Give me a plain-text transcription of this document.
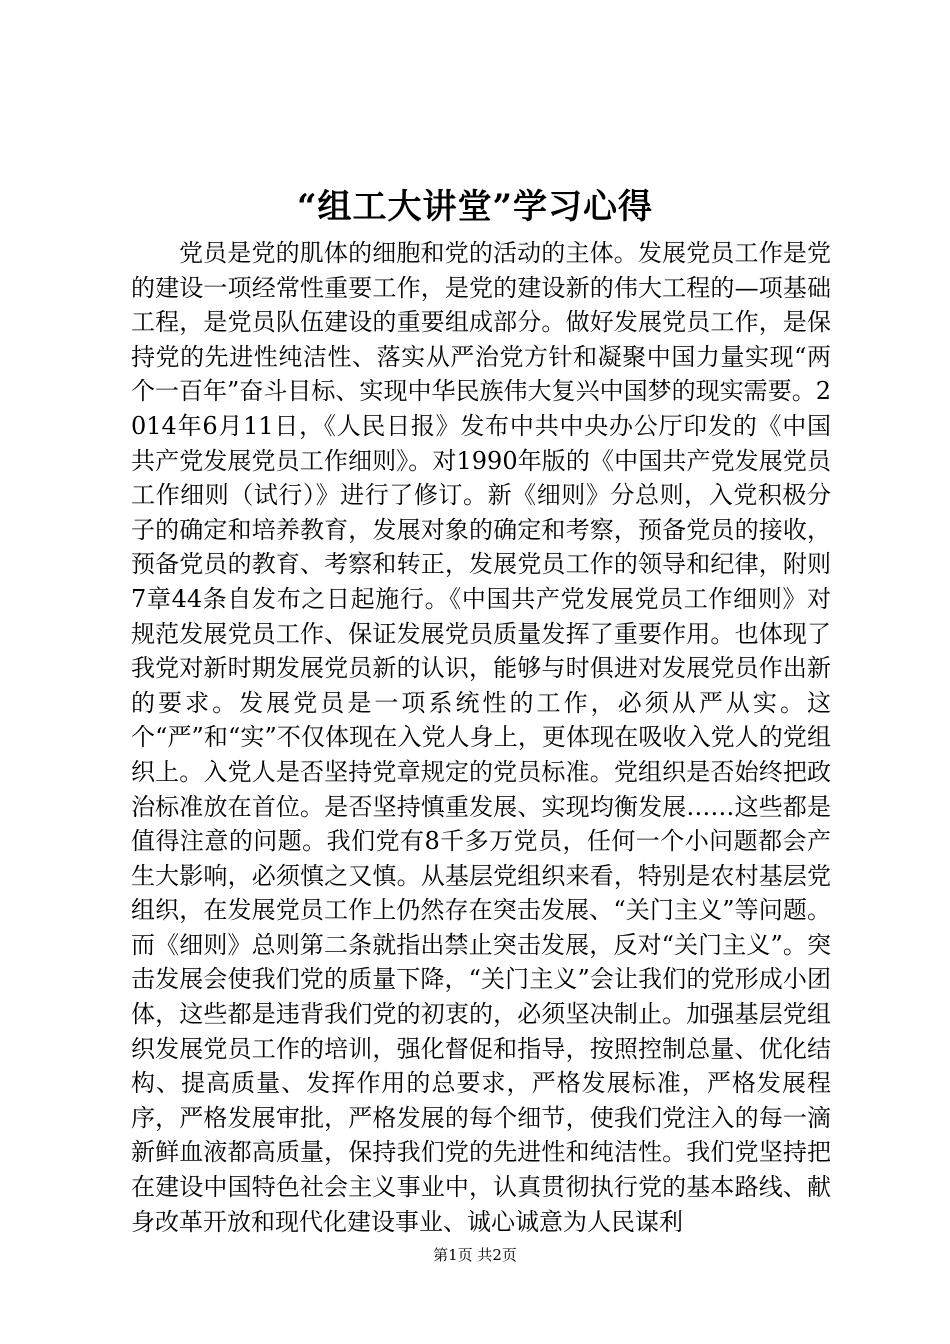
“组工大讲堂”学习心得

党员是党的肌体的细胞和党的活动的主体。发展党员工作是党的建设一项经常性重要工作，是党的建设新的伟大工程的—项基础工程，是党员队伍建设的重要组成部分。做好发展党员工作，是保持党的先进性纯洁性、落实从严治党方针和凝聚中国力量实现“两个一百年”奋斗目标、实现中华民族伟大复兴中国梦的现实需要。2014年6月11日，《人民日报》发布中共中央办公厅印发的《中国共产党发展党员工作细则》。对1990年版的《中国共产党发展党员工作细则（试行）》进行了修订。新《细则》分总则，入党积极分子的确定和培养教育，发展对象的确定和考察，预备党员的接收，预备党员的教育、考察和转正，发展党员工作的领导和纪律，附则7章44条自发布之日起施行。《中国共产党发展党员工作细则》对规范发展党员工作、保证发展党员质量发挥了重要作用。也体现了我党对新时期发展党员新的认识，能够与时俱进对发展党员作出新的要求。发展党员是一项系统性的工作，必须从严从实。这个“严”和“实”不仅体现在入党人身上，更体现在吸收入党人的党组织上。入党人是否坚持党章规定的党员标准。党组织是否始终把政治标准放在首位。是否坚持慎重发展、实现均衡发展……这些都是值得注意的问题。我们党有8千多万党员，任何一个小问题都会产生大影响，必须慎之又慎。从基层党组织来看，特别是农村基层党组织，在发展党员工作上仍然存在突击发展、“关门主义”等问题。而《细则》总则第二条就指出禁止突击发展，反对“关门主义”。突击发展会使我们党的质量下降，“关门主义”会让我们的党形成小团体，这些都是违背我们党的初衷的，必须坚决制止。加强基层党组织发展党员工作的培训，强化督促和指导，按照控制总量、优化结构、提高质量、发挥作用的总要求，严格发展标准，严格发展程序，严格发展审批，严格发展的每个细节，使我们党注入的每一滴新鲜血液都高质量，保持我们党的先进性和纯洁性。我们党坚持把在建设中国特色社会主义事业中，认真贯彻执行党的基本路线、献身改革开放和现代化建设事业、诚心诚意为人民谋利

第1页 共2页
